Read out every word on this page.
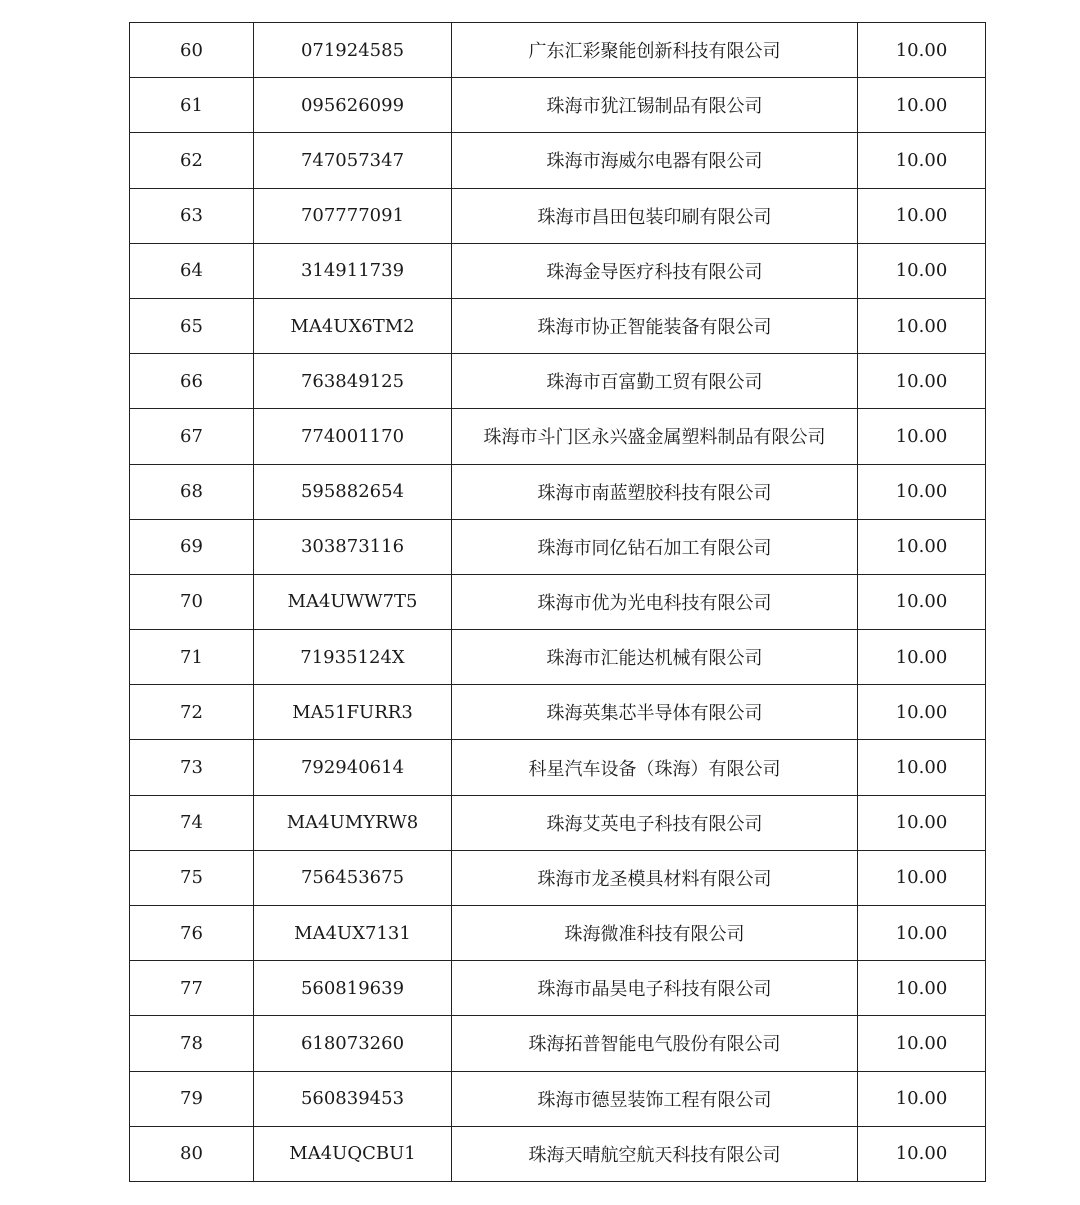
60	071924585	广东汇彩聚能创新科技有限公司	10.00
61	095626099	珠海市犹江锡制品有限公司	10.00
62	747057347	珠海市海威尔电器有限公司	10.00
63	707777091	珠海市昌田包装印刷有限公司	10.00
64	314911739	珠海金导医疗科技有限公司	10.00
65	MA4UX6TM2	珠海市协正智能装备有限公司	10.00
66	763849125	珠海市百富勤工贸有限公司	10.00
67	774001170	珠海市斗门区永兴盛金属塑料制品有限公司	10.00
68	595882654	珠海市南蓝塑胶科技有限公司	10.00
69	303873116	珠海市同亿钻石加工有限公司	10.00
70	MA4UWW7T5	珠海市优为光电科技有限公司	10.00
71	71935124X	珠海市汇能达机械有限公司	10.00
72	MA51FURR3	珠海英集芯半导体有限公司	10.00
73	792940614	科星汽车设备（珠海）有限公司	10.00
74	MA4UMYRW8	珠海艾英电子科技有限公司	10.00
75	756453675	珠海市龙圣模具材料有限公司	10.00
76	MA4UX7131	珠海微准科技有限公司	10.00
77	560819639	珠海市晶昊电子科技有限公司	10.00
78	618073260	珠海拓普智能电气股份有限公司	10.00
79	560839453	珠海市德昱装饰工程有限公司	10.00
80	MA4UQCBU1	珠海天晴航空航天科技有限公司	10.00
